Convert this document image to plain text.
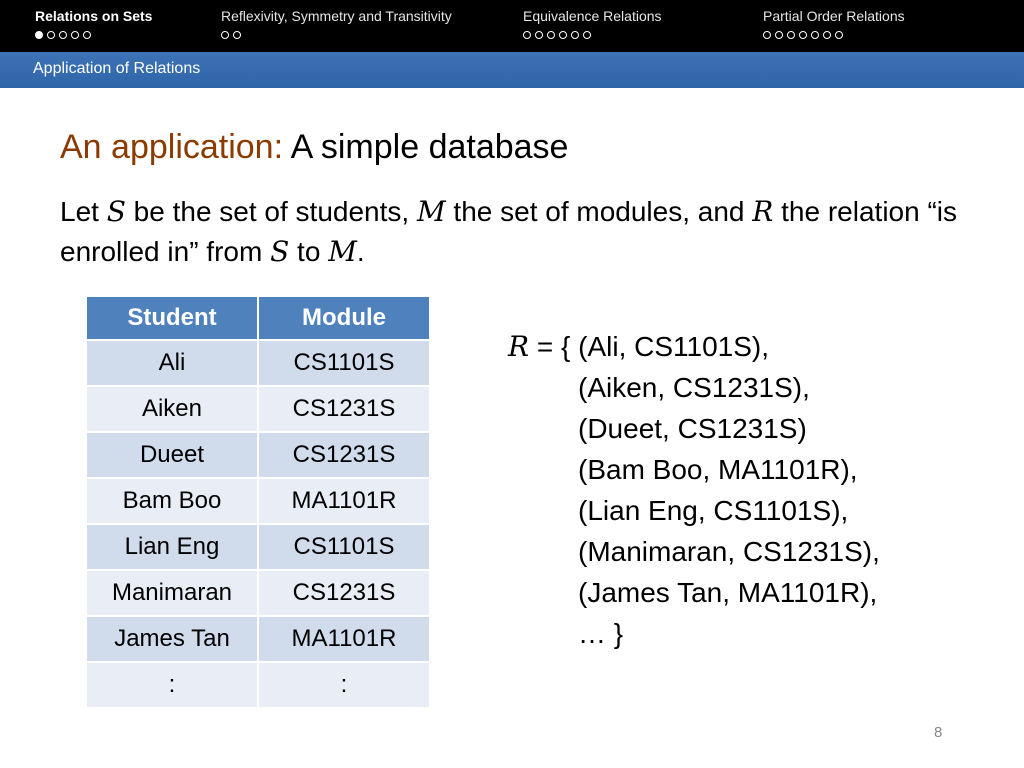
Relations on Sets	Reflexivity, Symmetry and Transitivity	Equivalence Relations	Partial Order Relations
Application of Relations
An application: A simple database
Let S be the set of students, M the set of modules, and R the relation “is enrolled in” from S to M.
Student	Module
Ali	CS1101S
Aiken	CS1231S
Dueet	CS1231S
Bam Boo	MA1101R
Lian Eng	CS1101S
Manimaran	CS1231S
James Tan	MA1101R
:	:
R = { (Ali, CS1101S),
(Aiken, CS1231S),
(Dueet, CS1231S)
(Bam Boo, MA1101R),
(Lian Eng, CS1101S),
(Manimaran, CS1231S),
(James Tan, MA1101R),
… }
8
